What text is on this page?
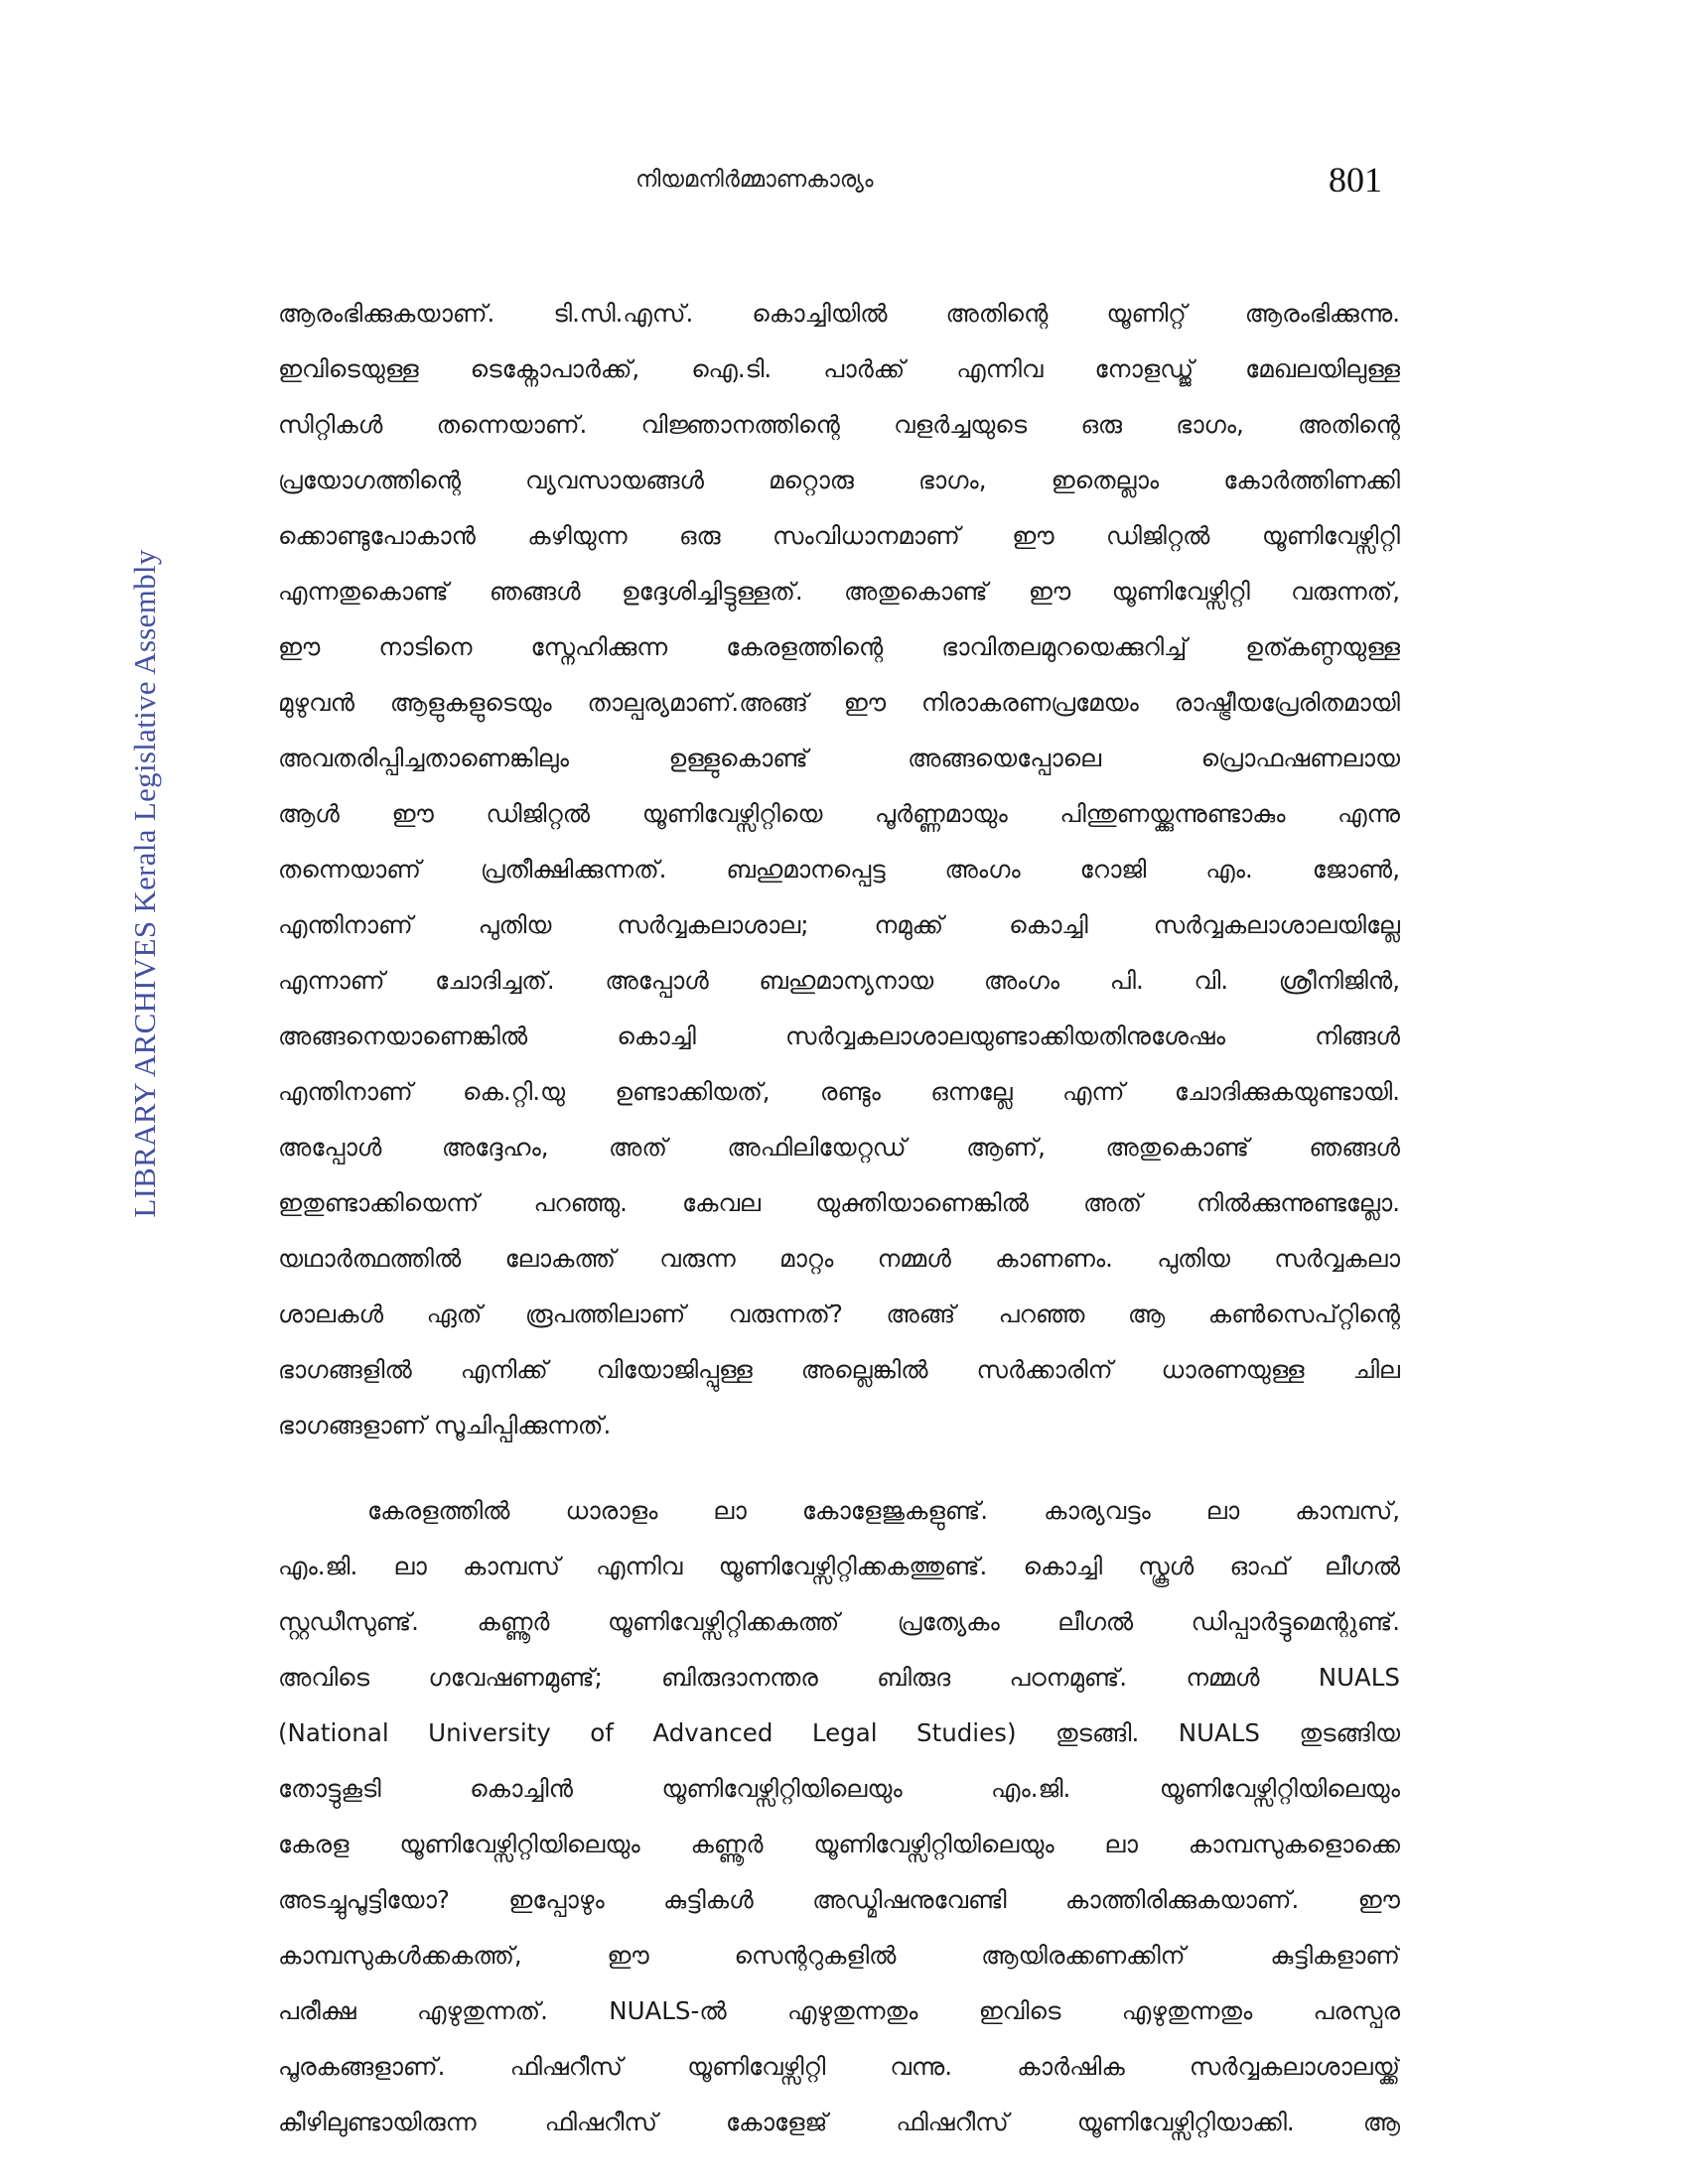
നിയമനിർമ്മാണകാര്യം	801
LIBRARY ARCHIVES Kerala Legislative Assembly
ആരംഭിക്കുകയാണ്. ടി.സി.എസ്. കൊച്ചിയിൽ അതിന്റെ യൂണിറ്റ് ആരംഭിക്കുന്നു.
ഇവിടെയുള്ള ടെക്നോപാർക്ക്, ഐ.ടി. പാർക്ക് എന്നിവ നോളഡ്ജ് മേഖലയിലുള്ള
സിറ്റികൾ തന്നെയാണ്. വിജ്ഞാനത്തിന്റെ വളർച്ചയുടെ ഒരു ഭാഗം, അതിന്റെ
പ്രയോഗത്തിന്റെ വ്യവസായങ്ങൾ മറ്റൊരു ഭാഗം, ഇതെല്ലാം കോർത്തിണക്കി
ക്കൊണ്ടുപോകാൻ കഴിയുന്ന ഒരു സംവിധാനമാണ് ഈ ഡിജിറ്റൽ യൂണിവേഴ്സിറ്റി
എന്നതുകൊണ്ട് ഞങ്ങൾ ഉദ്ദേശിച്ചിട്ടുള്ളത്. അതുകൊണ്ട് ഈ യൂണിവേഴ്സിറ്റി വരുന്നത്,
ഈ നാടിനെ സ്നേഹിക്കുന്ന കേരളത്തിന്റെ ഭാവിതലമുറയെക്കുറിച്ച് ഉത്കണ്ഠയുള്ള
മുഴുവൻ ആളുകളുടെയും താല്പര്യമാണ്.അങ്ങ് ഈ നിരാകരണപ്രമേയം രാഷ്ട്രീയപ്രേരിതമായി
അവതരിപ്പിച്ചതാണെങ്കിലും ഉള്ളുകൊണ്ട് അങ്ങയെപ്പോലെ പ്രൊഫഷണലായ
ആൾ ഈ ഡിജിറ്റൽ യൂണിവേഴ്സിറ്റിയെ പൂർണ്ണമായും പിന്തുണയ്ക്കുന്നുണ്ടാകും എന്നു
തന്നെയാണ് പ്രതീക്ഷിക്കുന്നത്. ബഹുമാനപ്പെട്ട അംഗം റോജി എം. ജോൺ,
എന്തിനാണ് പുതിയ സർവ്വകലാശാല; നമുക്ക് കൊച്ചി സർവ്വകലാശാലയില്ലേ
എന്നാണ് ചോദിച്ചത്. അപ്പോൾ ബഹുമാന്യനായ അംഗം പി. വി. ശ്രീനിജിൻ,
അങ്ങനെയാണെങ്കിൽ കൊച്ചി സർവ്വകലാശാലയുണ്ടാക്കിയതിനുശേഷം നിങ്ങൾ
എന്തിനാണ് കെ.റ്റി.യു ഉണ്ടാക്കിയത്, രണ്ടും ഒന്നല്ലേ എന്ന് ചോദിക്കുകയുണ്ടായി.
അപ്പോൾ അദ്ദേഹം, അത് അഫിലിയേറ്റഡ് ആണ്, അതുകൊണ്ട് ഞങ്ങൾ
ഇതുണ്ടാക്കിയെന്ന് പറഞ്ഞു. കേവല യുക്തിയാണെങ്കിൽ അത് നിൽക്കുന്നുണ്ടല്ലോ.
യഥാർത്ഥത്തിൽ ലോകത്ത് വരുന്ന മാറ്റം നമ്മൾ കാണണം. പുതിയ സർവ്വകലാ
ശാലകൾ ഏത് രൂപത്തിലാണ് വരുന്നത്? അങ്ങ് പറഞ്ഞ ആ കൺസെപ്റ്റിന്റെ
ഭാഗങ്ങളിൽ എനിക്ക് വിയോജിപ്പുള്ള അല്ലെങ്കിൽ സർക്കാരിന് ധാരണയുള്ള ചില
ഭാഗങ്ങളാണ് സൂചിപ്പിക്കുന്നത്.
കേരളത്തിൽ ധാരാളം ലാ കോളേജുകളുണ്ട്. കാര്യവട്ടം ലാ കാമ്പസ്,
എം.ജി. ലാ കാമ്പസ് എന്നിവ യൂണിവേഴ്സിറ്റിക്കകത്തുണ്ട്. കൊച്ചി സ്കൂൾ ഓഫ് ലീഗൽ
സ്റ്റഡീസുണ്ട്. കണ്ണൂർ യൂണിവേഴ്സിറ്റിക്കകത്ത് പ്രത്യേകം ലീഗൽ ഡിപ്പാർട്ടുമെന്റുണ്ട്.
അവിടെ ഗവേഷണമുണ്ട്; ബിരുദാനന്തര ബിരുദ പഠനമുണ്ട്. നമ്മൾ NUALS
(National University of Advanced Legal Studies) തുടങ്ങി. NUALS തുടങ്ങിയ
തോട്ടുകൂടി കൊച്ചിൻ യൂണിവേഴ്സിറ്റിയിലെയും എം.ജി. യൂണിവേഴ്സിറ്റിയിലെയും
കേരള യൂണിവേഴ്സിറ്റിയിലെയും കണ്ണൂർ യൂണിവേഴ്സിറ്റിയിലെയും ലാ കാമ്പസുകളൊക്കെ
അടച്ചുപൂട്ടിയോ? ഇപ്പോഴും കുട്ടികൾ അഡ്മിഷനുവേണ്ടി കാത്തിരിക്കുകയാണ്. ഈ
കാമ്പസുകൾക്കകത്ത്, ഈ സെന്ററുകളിൽ ആയിരക്കണക്കിന് കുട്ടികളാണ്
പരീക്ഷ എഴുതുന്നത്. NUALS-ൽ എഴുതുന്നതും ഇവിടെ എഴുതുന്നതും പരസ്പര
പൂരകങ്ങളാണ്. ഫിഷറീസ് യൂണിവേഴ്സിറ്റി വന്നു. കാർഷിക സർവ്വകലാശാലയ്ക്ക്
കീഴിലുണ്ടായിരുന്ന ഫിഷറീസ് കോളേജ് ഫിഷറീസ് യൂണിവേഴ്സിറ്റിയാക്കി. ആ
